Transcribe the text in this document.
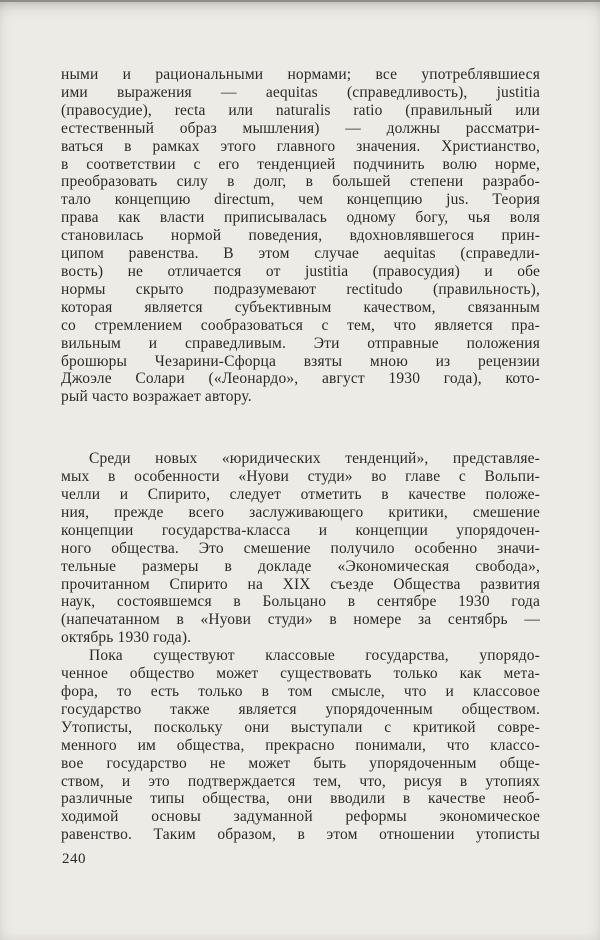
ными и рациональными нормами; все употреблявшиеся
ими выражения — aequitas (справедливость), justitia
(правосудие), recta или naturalis ratio (правильный или
естественный образ мышления) — должны рассматри-
ваться в рамках этого главного значения. Христианство,
в соответствии с его тенденцией подчинить волю норме,
преобразовать силу в долг, в большей степени разрабо-
тало концепцию directum, чем концепцию jus. Теория
права как власти приписывалась одному богу, чья воля
становилась нормой поведения, вдохновлявшегося прин-
ципом равенства. В этом случае aequitas (справедли-
вость) не отличается от justitia (правосудия) и обе
нормы скрыто подразумевают rectitudo (правильность),
которая является субъективным качеством, связанным
со стремлением сообразоваться с тем, что является пра-
вильным и справедливым. Эти отправные положения
брошюры Чезарини-Сфорца взяты мною из рецензии
Джоэле Солари («Леонардо», август 1930 года), кото-
рый часто возражает автору.
Среди новых «юридических тенденций», представляе-
мых в особенности «Нуови студи» во главе с Вольпи-
челли и Спирито, следует отметить в качестве положе-
ния, прежде всего заслуживающего критики, смешение
концепции государства-класса и концепции упорядочен-
ного общества. Это смешение получило особенно значи-
тельные размеры в докладе «Экономическая свобода»,
прочитанном Спирито на XIX съезде Общества развития
наук, состоявшемся в Больцано в сентябре 1930 года
(напечатанном в «Нуови студи» в номере за сентябрь —
октябрь 1930 года).
Пока существуют классовые государства, упорядо-
ченное общество может существовать только как мета-
фора, то есть только в том смысле, что и классовое
государство также является упорядоченным обществом.
Утописты, поскольку они выступали с критикой совре-
менного им общества, прекрасно понимали, что классо-
вое государство не может быть упорядоченным обще-
ством, и это подтверждается тем, что, рисуя в утопиях
различные типы общества, они вводили в качестве необ-
ходимой основы задуманной реформы экономическое
равенство. Таким образом, в этом отношении утописты
240
